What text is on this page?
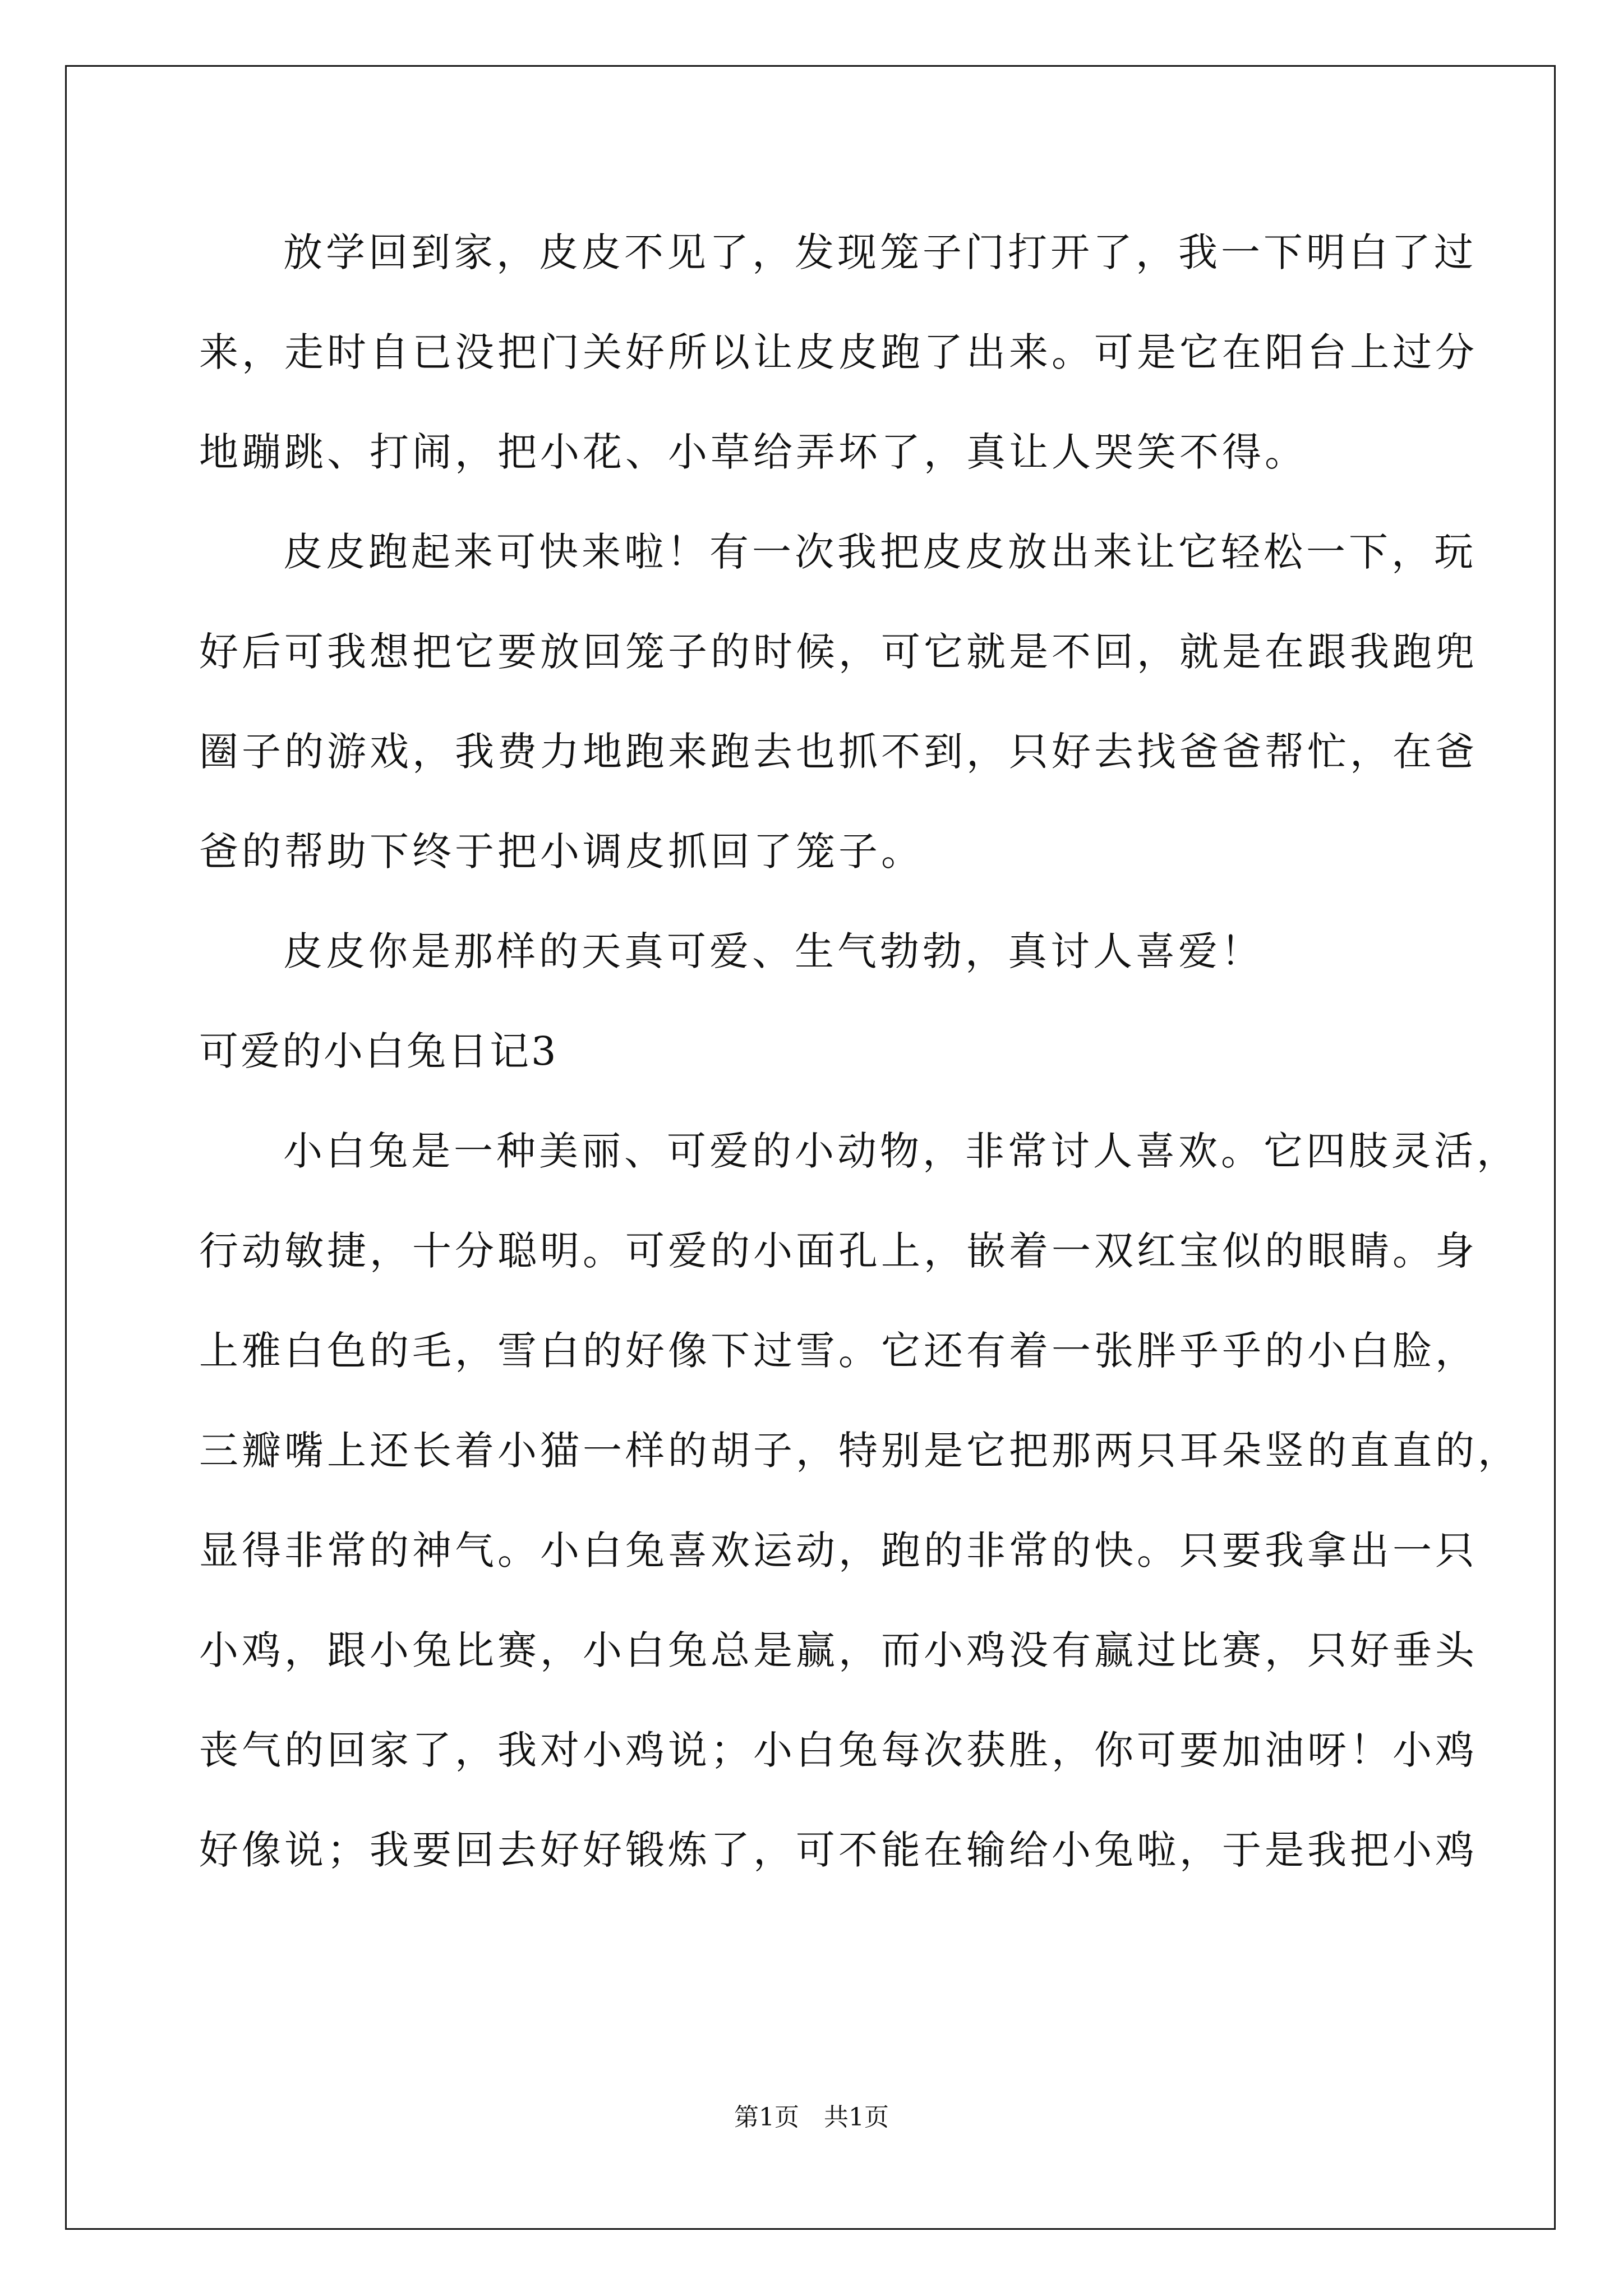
放学回到家，皮皮不见了，发现笼子门打开了，我一下明白了过
来，走时自已没把门关好所以让皮皮跑了出来。可是它在阳台上过分
地蹦跳、打闹，把小花、小草给弄坏了，真让人哭笑不得。
皮皮跑起来可快来啦！有一次我把皮皮放出来让它轻松一下，玩
好后可我想把它要放回笼子的时候，可它就是不回，就是在跟我跑兜
圈子的游戏，我费力地跑来跑去也抓不到，只好去找爸爸帮忙，在爸
爸的帮助下终于把小调皮抓回了笼子。
皮皮你是那样的天真可爱、生气勃勃，真讨人喜爱！
可爱的小白兔日记3
小白兔是一种美丽、可爱的小动物，非常讨人喜欢。它四肢灵活，
行动敏捷，十分聪明。可爱的小面孔上，嵌着一双红宝似的眼睛。身
上雅白色的毛，雪白的好像下过雪。它还有着一张胖乎乎的小白脸，
三瓣嘴上还长着小猫一样的胡子，特别是它把那两只耳朵竖的直直的，
显得非常的神气。小白兔喜欢运动，跑的非常的快。只要我拿出一只
小鸡，跟小兔比赛，小白兔总是赢，而小鸡没有赢过比赛，只好垂头
丧气的回家了，我对小鸡说；小白兔每次获胜，你可要加油呀！小鸡
好像说；我要回去好好锻炼了，可不能在输给小兔啦，于是我把小鸡
第1页　共1页
